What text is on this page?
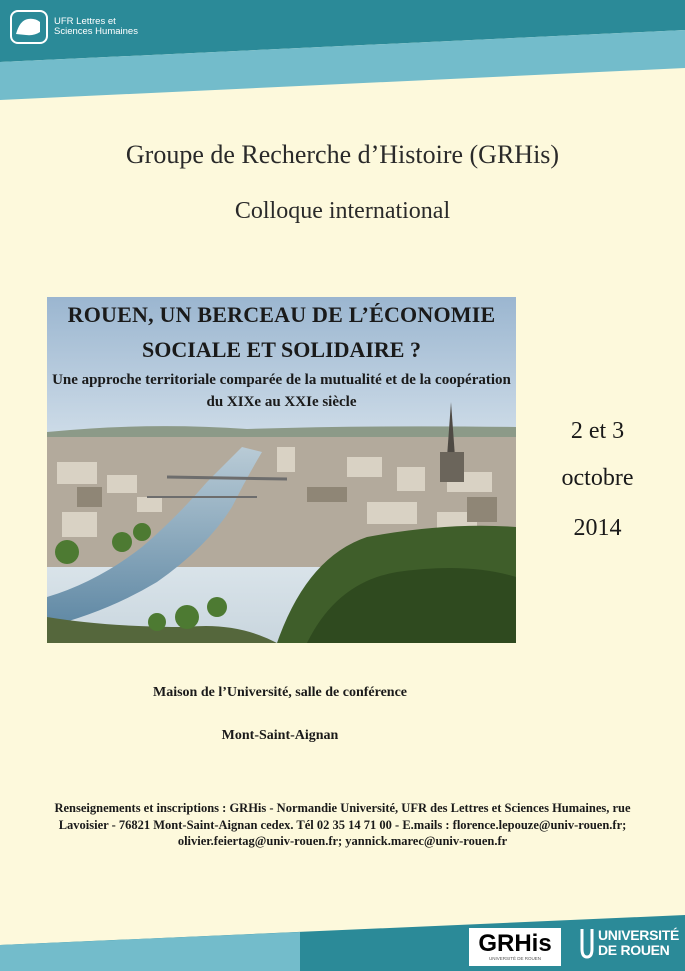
UFR Lettres et
Sciences Humaines
Groupe de Recherche d’Histoire (GRHis)
Colloque international
ROUEN, UN BERCEAU DE L’ÉCONOMIE
SOCIALE ET SOLIDAIRE ?
Une approche territoriale comparée de la mutualité et de la coopération
du XIXe au XXIe siècle
2 et 3
octobre
2014
Maison de l’Université, salle de conférence
Mont-Saint-Aignan
Renseignements et inscriptions : GRHis - Normandie Université, UFR des Lettres et Sciences Humaines, rue
Lavoisier - 76821 Mont-Saint-Aignan cedex. Tél 02 35 14 71 00 - E.mails : florence.lepouze@univ-rouen.fr;
olivier.feiertag@univ-rouen.fr; yannick.marec@univ-rouen.fr
GRHis
UNIVERSITÉ DE ROUEN
UNIVERSITÉ
DE ROUEN
